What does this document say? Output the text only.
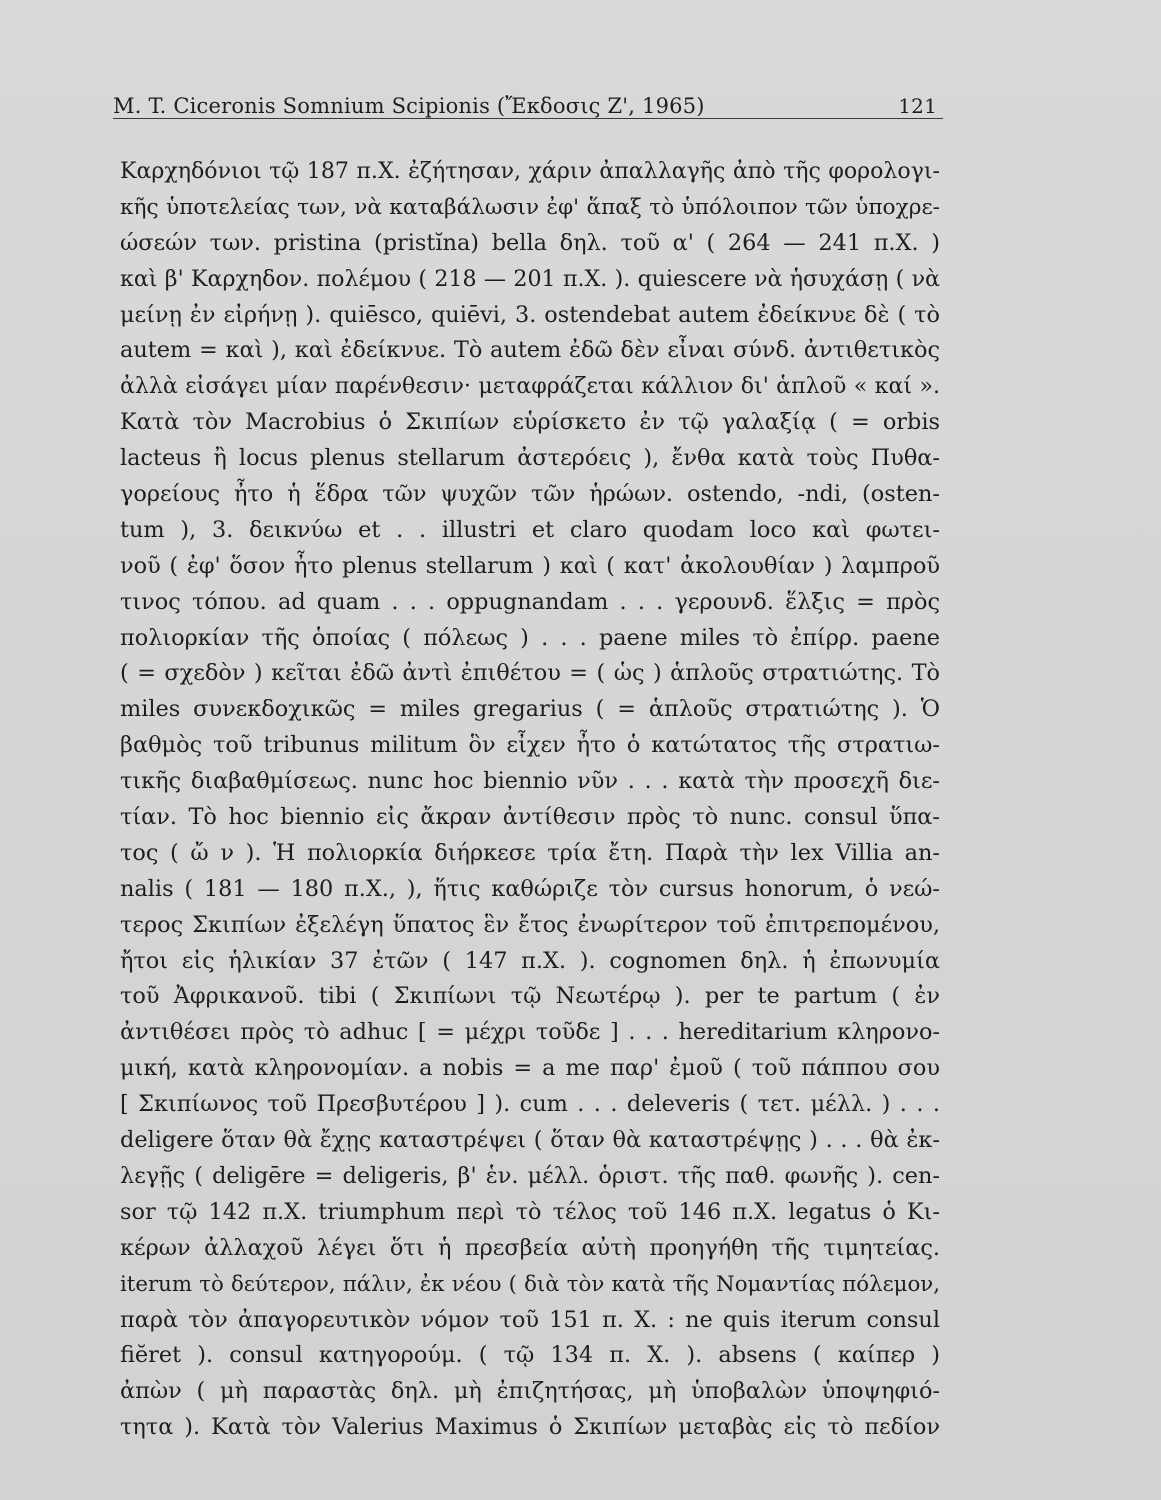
M. T. Ciceronis Somnium Scipionis (Ἔκδοσις Ζ', 1965)	121
Καρχηδόνιοι τῷ 187 π.Χ. ἐζήτησαν, χάριν ἀπαλλαγῆς ἀπὸ τῆς φορολογι-
κῆς ὑποτελείας των, νὰ καταβάλωσιν ἐφ' ἅπαξ τὸ ὑπόλοιπον τῶν ὑποχρε-
ώσεών των. pristina (pristĭna) bella δηλ. τοῦ α' ( 264 — 241 π.Χ. )
καὶ β' Καρχηδον. πολέμου ( 218 — 201 π.Χ. ). quiescere νὰ ἡσυχάσῃ ( νὰ
μείνῃ ἐν εἰρήνῃ ). quiēsco, quiēvi, 3. ostendebat autem ἐδείκνυε δὲ ( τὸ
autem = καὶ ), καὶ ἐδείκνυε. Τὸ autem ἐδῶ δὲν εἶναι σύνδ. ἀντιθετικὸς
ἀλλὰ εἰσάγει μίαν παρένθεσιν· μεταφράζεται κάλλιον δι' ἁπλοῦ « καί ».
Κατὰ τὸν Macrobius ὁ Σκιπίων εὑρίσκετο ἐν τῷ γαλαξίᾳ ( = orbis
lacteus ἢ locus plenus stellarum ἀστερόεις ), ἔνθα κατὰ τοὺς Πυθα-
γορείους ἦτο ἡ ἕδρα τῶν ψυχῶν τῶν ἡρώων. ostendo, -ndi, (osten-
tum ), 3. δεικνύω et . . illustri et claro quodam loco καὶ φωτει-
νοῦ ( ἐφ' ὅσον ἦτο plenus stellarum ) καὶ ( κατ' ἀκολουθίαν ) λαμπροῦ
τινος τόπου. ad quam . . . oppugnandam . . . γερουνδ. ἕλξις = πρὸς
πολιορκίαν τῆς ὁποίας ( πόλεως ) . . . paene miles τὸ ἐπίρρ. paene
( = σχεδὸν ) κεῖται ἐδῶ ἀντὶ ἐπιθέτου = ( ὡς ) ἁπλοῦς στρατιώτης. Τὸ
miles συνεκδοχικῶς = miles gregarius ( = ἁπλοῦς στρατιώτης ). Ὁ
βαθμὸς τοῦ tribunus militum ὃν εἶχεν ἦτο ὁ κατώτατος τῆς στρατιω-
τικῆς διαβαθμίσεως. nunc hoc biennio νῦν . . . κατὰ τὴν προσεχῆ διε-
τίαν. Τὸ hoc biennio εἰς ἄκραν ἀντίθεσιν πρὸς τὸ nunc. consul ὕπα-
τος ( ὤ ν ). Ἡ πολιορκία διήρκεσε τρία ἔτη. Παρὰ τὴν lex Villia an-
nalis ( 181 — 180 π.Χ., ), ἥτις καθώριζε τὸν cursus honorum, ὁ νεώ-
τερος Σκιπίων ἐξελέγη ὕπατος ἓν ἔτος ἐνωρίτερον τοῦ ἐπιτρεπομένου,
ἤτοι εἰς ἡλικίαν 37 ἐτῶν ( 147 π.Χ. ). cognomen δηλ. ἡ ἐπωνυμία
τοῦ Ἀφρικανοῦ. tibi ( Σκιπίωνι τῷ Νεωτέρῳ ). per te partum ( ἐν
ἀντιθέσει πρὸς τὸ adhuc [ = μέχρι τοῦδε ] . . . hereditarium κληρονο-
μική, κατὰ κληρονομίαν. a nobis = a me παρ' ἐμοῦ ( τοῦ πάππου σου
[ Σκιπίωνος τοῦ Πρεσβυτέρου ] ). cum . . . deleveris ( τετ. μέλλ. ) . . .
deligere ὅταν θὰ ἔχῃς καταστρέψει ( ὅταν θὰ καταστρέψῃς ) . . . θὰ ἐκ-
λεγῇς ( deligēre = deligeris, β' ἑν. μέλλ. ὁριστ. τῆς παθ. φωνῆς ). cen-
sor τῷ 142 π.Χ. triumphum περὶ τὸ τέλος τοῦ 146 π.Χ. legatus ὁ Κι-
κέρων ἀλλαχοῦ λέγει ὅτι ἡ πρεσβεία αὐτὴ προηγήθη τῆς τιμητείας.
iterum τὸ δεύτερον, πάλιν, ἐκ νέου ( διὰ τὸν κατὰ τῆς Νομαντίας πόλεμον,
παρὰ τὸν ἀπαγορευτικὸν νόμον τοῦ 151 π. Χ. : ne quis iterum consul
fiĕret ). consul κατηγορούμ. ( τῷ 134 π. Χ. ). absens ( καίπερ )
ἀπὼν ( μὴ παραστὰς δηλ. μὴ ἐπιζητήσας, μὴ ὑποβαλὼν ὑποψηφιό-
τητα ). Κατὰ τὸν Valerius Maximus ὁ Σκιπίων μεταβὰς εἰς τὸ πεδίον
